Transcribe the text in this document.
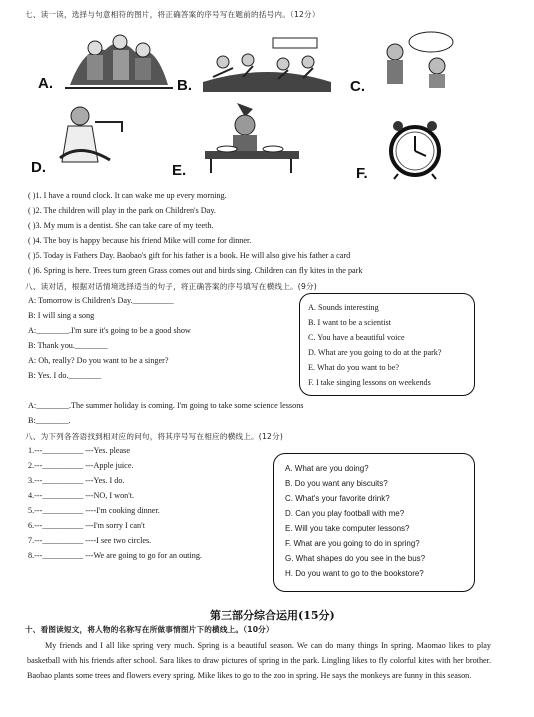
七、读一读，选择与句意相符的图片，将正确答案的序号写在题前的括号内。（12分）
A.	B.	C.
D.	E.	F.
( )1. I have a round clock. It can wake me up every morning.
( )2. The children will play in the park on Children's Day.
( )3. My mum is a dentist. She can take care of my teeth.
( )4. The boy is happy because his friend Mike will come for dinner.
( )5. Today is Fathers Day. Baobao's gift for his father is a book. He will also give his father a card
( )6. Spring is here. Trees turn green Grass comes out and birds sing. Children can fly kites in the park
八、读对话，根据对话情境选择适当的句子，将正确答案的序号填写在横线上。(9分)
A: Tomorrow is Children's Day.__________
B: I will sing a song
A:________.I'm sure it's going to be a good show
B: Thank you.________
A: Oh, really? Do you want to be a singer?
B: Yes. I do.________
A. Sounds interesting
B. I want to be a scientist
C. You have a beautiful voice
D. What are you going to do at the park?
E. What do you want to be?
F. I take singing lessons on weekends
A:________.The summer holiday is coming. I'm going to take some science lessons
B:________.
八、为下列各答语找到相对应的问句，将其序号写在相应的横线上。(12分)
1.---__________ ---Yes. please
2.---__________ ---Apple juice.
3.---__________ ---Yes. I do.
4.---__________ ---NO, I won't.
5.---__________ ----I'm cooking dinner.
6.---__________ ---I'm sorry I can't
7.---__________ ----I see two circles.
8.---__________ ---We are going to go for an outing.
A. What are you doing?
B. Do you want any biscuits?
C. What's your favorite drink?
D. Can you play football with me?
E. Will you take computer lessons?
F. What are you going to do in spring?
G. What shapes do you see in the bus?
H. Do you want to go to the bookstore?
第三部分综合运用(15分)
十、看图读短文，将人物的名称写在所做事情图片下的横线上。（10分）
My friends and I all like spring very much. Spring is a beautiful season. We can do many things In spring. Maomao likes to play basketball with his friends after school. Sara likes to draw pictures of spring in the park. Lingling likes to fly colorful kites with her brother. Baobao plants some trees and flowers every spring. Mike likes to go to the zoo in spring. He says the monkeys are funny in this season.
